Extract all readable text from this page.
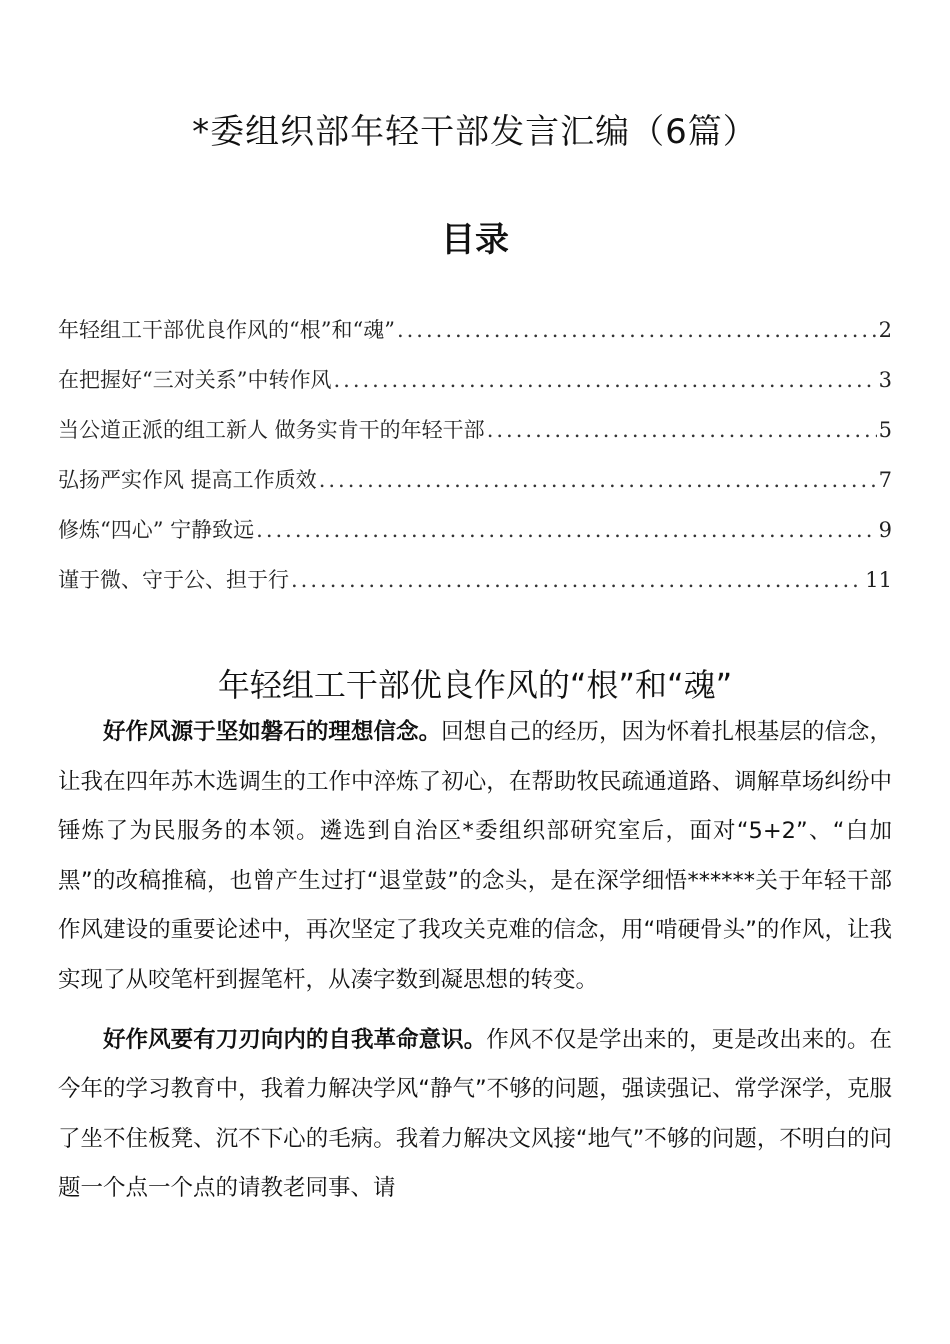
*委组织部年轻干部发言汇编（6篇）
目录
年轻组工干部优良作风的“根”和“魂” .....	2
在把握好“三对关系”中转作风 .....	3
当公道正派的组工新人 做务实肯干的年轻干部 .....	5
弘扬严实作风 提高工作质效 .....	7
修炼“四心” 宁静致远 .....	9
谨于微、守于公、担于行 .....	11
年轻组工干部优良作风的“根”和“魂”

好作风源于坚如磐石的理想信念。回想自己的经历，因为怀着扎根基层的信念，让我在四年苏木选调生的工作中淬炼了初心，在帮助牧民疏通道路、调解草场纠纷中锤炼了为民服务的本领。遴选到自治区*委组织部研究室后，面对“5+2”、“白加黑”的改稿推稿，也曾产生过打“退堂鼓”的念头，是在深学细悟******关于年轻干部作风建设的重要论述中，再次坚定了我攻关克难的信念，用“啃硬骨头”的作风，让我实现了从咬笔杆到握笔杆，从凑字数到凝思想的转变。

好作风要有刀刃向内的自我革命意识。作风不仅是学出来的，更是改出来的。在今年的学习教育中，我着力解决学风“静气”不够的问题，强读强记、常学深学，克服了坐不住板凳、沉不下心的毛病。我着力解决文风接“地气”不够的问题，不明白的问题一个点一个点的请教老同事、请
